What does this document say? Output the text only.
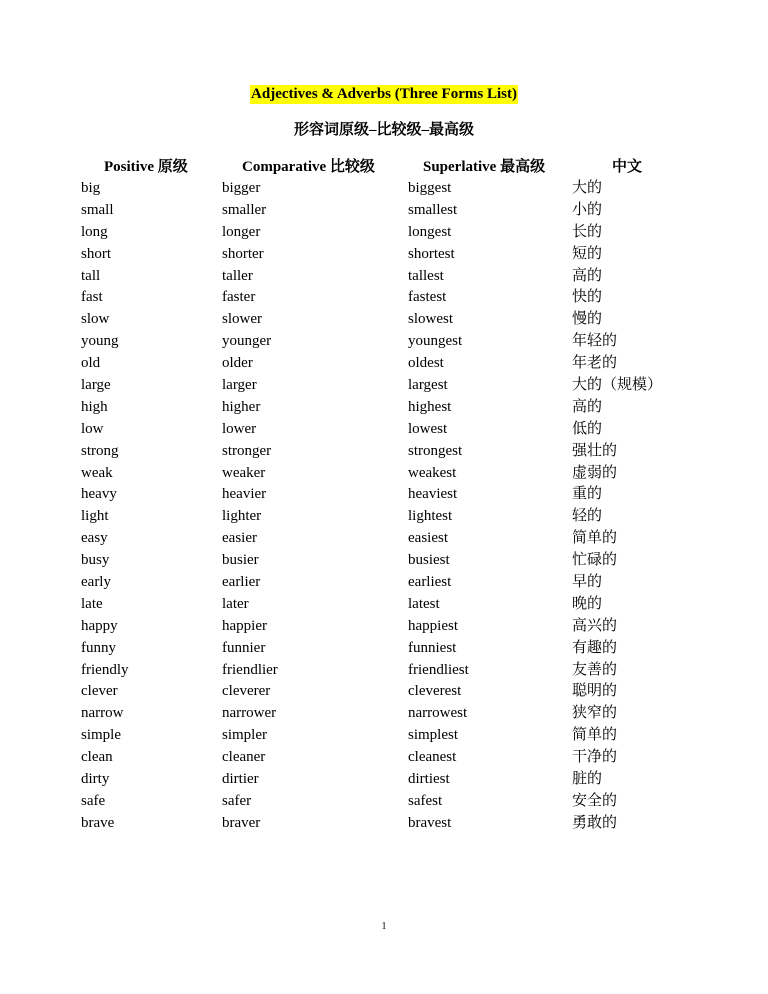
Adjectives & Adverbs (Three Forms List)
形容词原级–比较级–最高级
Positive 原级	Comparative 比较级	Superlative 最高级	中文
big	bigger	biggest	大的
small	smaller	smallest	小的
long	longer	longest	长的
short	shorter	shortest	短的
tall	taller	tallest	高的
fast	faster	fastest	快的
slow	slower	slowest	慢的
young	younger	youngest	年轻的
old	older	oldest	年老的
large	larger	largest	大的（规模）
high	higher	highest	高的
low	lower	lowest	低的
strong	stronger	strongest	强壮的
weak	weaker	weakest	虚弱的
heavy	heavier	heaviest	重的
light	lighter	lightest	轻的
easy	easier	easiest	简单的
busy	busier	busiest	忙碌的
early	earlier	earliest	早的
late	later	latest	晚的
happy	happier	happiest	高兴的
funny	funnier	funniest	有趣的
friendly	friendlier	friendliest	友善的
clever	cleverer	cleverest	聪明的
narrow	narrower	narrowest	狭窄的
simple	simpler	simplest	简单的
clean	cleaner	cleanest	干净的
dirty	dirtier	dirtiest	脏的
safe	safer	safest	安全的
brave	braver	bravest	勇敢的
1
